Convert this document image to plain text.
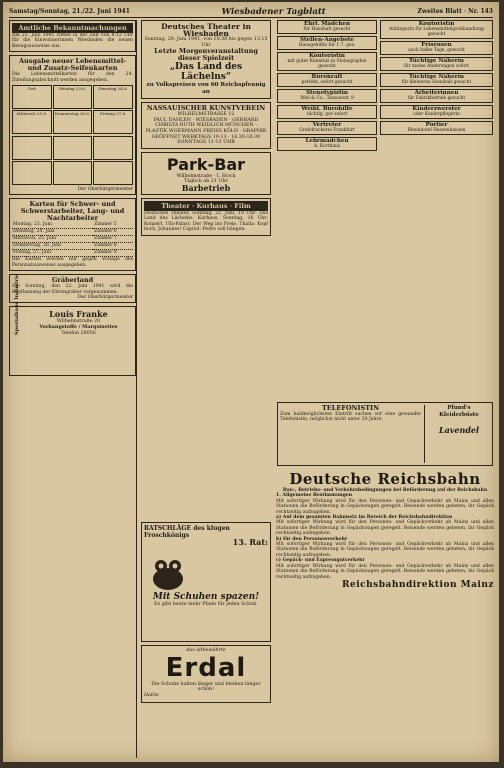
Samstag/Sonntag, 21./22. Juni 1941	Wiesbadener Tagblatt	Zweites Blatt · Nr. 143
Amtliche Bekanntmachungen
Am 21. Juni 1941 treten in der Zeit von 8-12 Uhr für die Einwohnerinnen Wiesbaden die neuen Bezugsausweise aus.
Ausgabe neuer Lebensmittel- und Zusatz-Seifenkarten
Die Lebensmittelkarten für den 24. Zuteilungsabschnitt werden ausgegeben.
Zeit	Montag 23.6.	Dienstag 24.6.
Mittwoch 25.6.	Donnerstag 26.6.	Freitag 27.6.
Der Oberbürgermeister
Karten für Schwer- und Schwerstarbeiter, Lang- und Nachtarbeiter
Montag, 23. Juni	Zimmer 5
Dienstag, 24. Juni	Zimmer 6
Mittwoch, 25. Juni	Zimmer 7
Donnerstag, 26. Juni	Zimmer 8
Freitag, 27. Juni	Zimmer 9
Die Karten werden nur gegen Vorlage des Personalausweises ausgegeben.
Gräberland
Am Sonntag, den 22. Juni 1941 wird die Bepflanzung der Ehrengräber vorgenommen.
Der Oberbürgermeister
Spezialhaus Industrie	Louis Franke
Wilhelmstraße 20
Vorhangstoffe / Marquisettes
Telefon 28056
Deutsches Theater in Wiesbaden
Sonntag, 29. Juni 1941, von 10.30 bis gegen 13.15 Uhr
Letzte Morgenveranstaltung dieser Spielzeit
„Das Land des Lächelns“
zu Volkspreisen von 60 Reichspfennig an
NASSAUISCHER KUNSTVEREIN
WILHELMSTRASSE 12
PAUL DAHLEN · WIESBADEN · GERHARD CHRISTA RUTH WEIDLICH MÜNCHEN · PLASTIK WOERMANN PREISS KÖLN · GRAPHIK
GEÖFFNET WERKTAGS 10-13 · 16.30-18.30 SONNTAGS 11-13 UHR
Park-Bar
Wilhelmstraße · I. Stock
Täglich ab 21 Uhr
Barbetrieb
Theater · Kurhaus · Film
Deutsches Theater, Sonntag, 22. Juni, 19 Uhr: Das Land des Lächelns. Kurhaus, Sonntag, 16 Uhr: Konzert. Ufa-Palast: Der Weg ins Freie. Thalia: Kopf hoch, Johannes! Capitol: Pedro soll hängen.
RATSCHLÄGE des klugen Froschkönigs
13. Rat:
Mit Schuhen spazen!
Es gibt heute mehr Pfade für jeden Schuh.
das altbewährte
Erdal
Die Schuhe halten länger und bleiben länger schön!
Hathe
Ehrl. Mädchen
für Haushalt gesucht
Stellen-Angebote
Hausgehilfin für 1.7. ges.
Kontoristin
mit guter Kenntnis in Stenographie gesucht
Bürokraft
perfekt, sofort gesucht
Stenotypistin
Weil & Co., Taunusstr. 9
Weibl. Bürohilfe
tüchtig, per sofort
Vertreter
Großdruckerei Frankfurt
Lehrmädchen
A. Korthaus
Kontoristin
Anfängerin für Lebensmittelgroßhandlung gesucht
Friseusen
auch halbe Tage, gesucht
Tüchtige Näherin
für meine Änderungen sofort
Tüchtige Näherin
für kleineren Haushalt gesucht
Arbeiterinnen
für Fabrikbetrieb gesucht
Kinderzwerster
oder Kinderpflegerin
Portier
Rheinhotel Hessenhausen
TELEFONISTIN
Zum baldmöglichsten Eintritt suchen wir eine gewandte Telefonistin, möglichst nicht unter 20 Jahre.
Pfund's Kleiderbüste
Lavendel
Deutsche Reichsbahn
Bau-, Betriebs- und Verkehrsbedingungen bei Beförderung auf der Reichsbahn
1. Allgemeine Bestimmungen
Mit sofortiger Wirkung wird für den Personen- und Gepäckverkehr ab Mainz und allen Stationen die Beförderung in Gepäckwagen geregelt. Reisende werden gebeten, ihr Gepäck rechtzeitig aufzugeben.
a) Auf dem gesamten Bahnnetz im Bereich der Reichsbahndirektion
Mit sofortiger Wirkung wird für den Personen- und Gepäckverkehr ab Mainz und allen Stationen die Beförderung in Gepäckwagen geregelt. Reisende werden gebeten, ihr Gepäck rechtzeitig aufzugeben.
b) für den Personenverkehr
Mit sofortiger Wirkung wird für den Personen- und Gepäckverkehr ab Mainz und allen Stationen die Beförderung in Gepäckwagen geregelt. Reisende werden gebeten, ihr Gepäck rechtzeitig aufzugeben.
c) Gepäck- und Expressgutverkehr
Mit sofortiger Wirkung wird für den Personen- und Gepäckverkehr ab Mainz und allen Stationen die Beförderung in Gepäckwagen geregelt. Reisende werden gebeten, ihr Gepäck rechtzeitig aufzugeben.
Reichsbahndirektion Mainz
